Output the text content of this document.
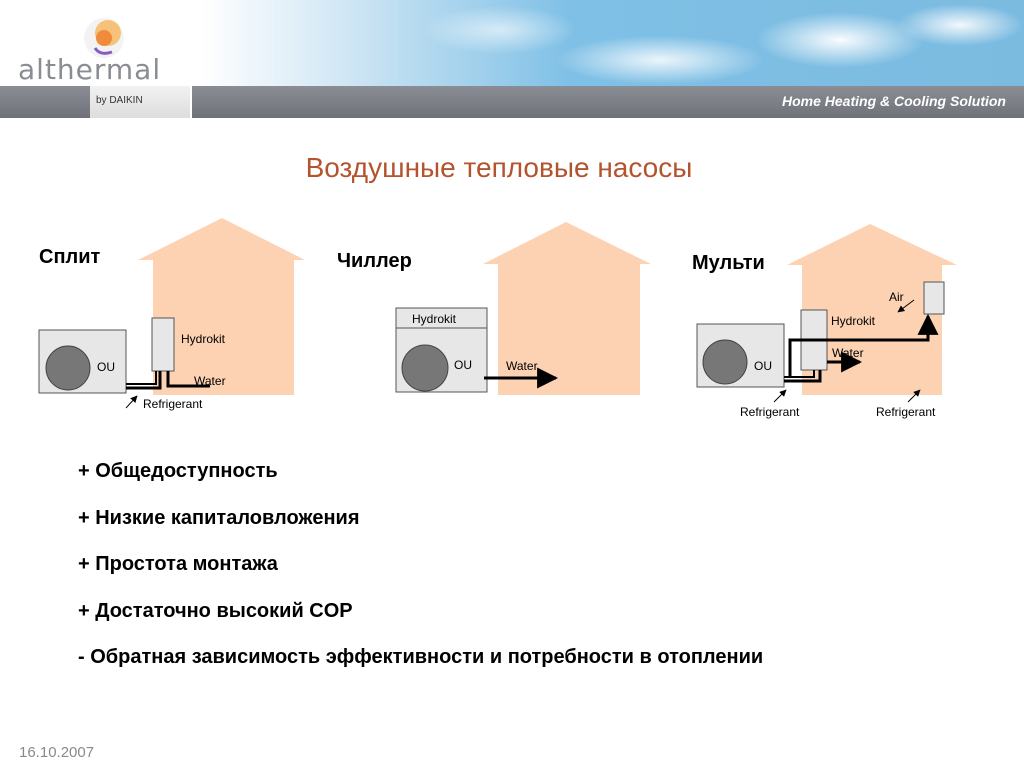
althermal
by DAIKIN	Home Heating & Cooling Solution
Воздушные тепловые насосы
Сплит	Чиллер	Мульти
OU
Hydrokit
Water
Refrigerant
Hydrokit
OU	Water	OU
Hydrokit
Air
Water
Refrigerant	Refrigerant
+ Общедоступность
+ Низкие капиталовложения
+ Простота монтажа
+ Достаточно высокий COP
- Обратная зависимость эффективности и потребности в отоплении
16.10.2007
